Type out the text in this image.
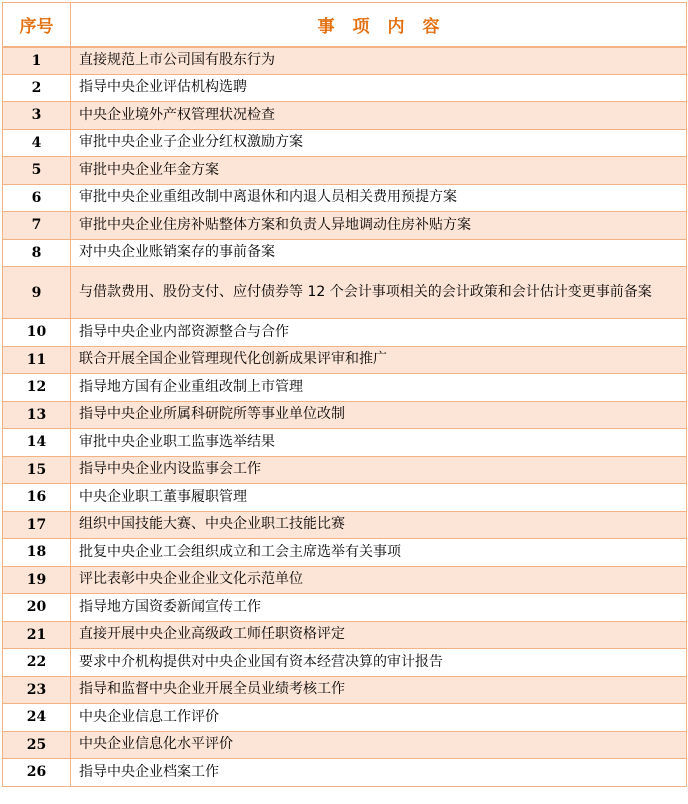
序号	事项内容
1	直接规范上市公司国有股东行为
2	指导中央企业评估机构选聘
3	中央企业境外产权管理状况检查
4	审批中央企业子企业分红权激励方案
5	审批中央企业年金方案
6	审批中央企业重组改制中离退休和内退人员相关费用预提方案
7	审批中央企业住房补贴整体方案和负责人异地调动住房补贴方案
8	对中央企业账销案存的事前备案
9	与借款费用、股份支付、应付债券等 12 个会计事项相关的会计政策和会计估计变更事前备案
10	指导中央企业内部资源整合与合作
11	联合开展全国企业管理现代化创新成果评审和推广
12	指导地方国有企业重组改制上市管理
13	指导中央企业所属科研院所等事业单位改制
14	审批中央企业职工监事选举结果
15	指导中央企业内设监事会工作
16	中央企业职工董事履职管理
17	组织中国技能大赛、中央企业职工技能比赛
18	批复中央企业工会组织成立和工会主席选举有关事项
19	评比表彰中央企业企业文化示范单位
20	指导地方国资委新闻宣传工作
21	直接开展中央企业高级政工师任职资格评定
22	要求中介机构提供对中央企业国有资本经营决算的审计报告
23	指导和监督中央企业开展全员业绩考核工作
24	中央企业信息工作评价
25	中央企业信息化水平评价
26	指导中央企业档案工作
